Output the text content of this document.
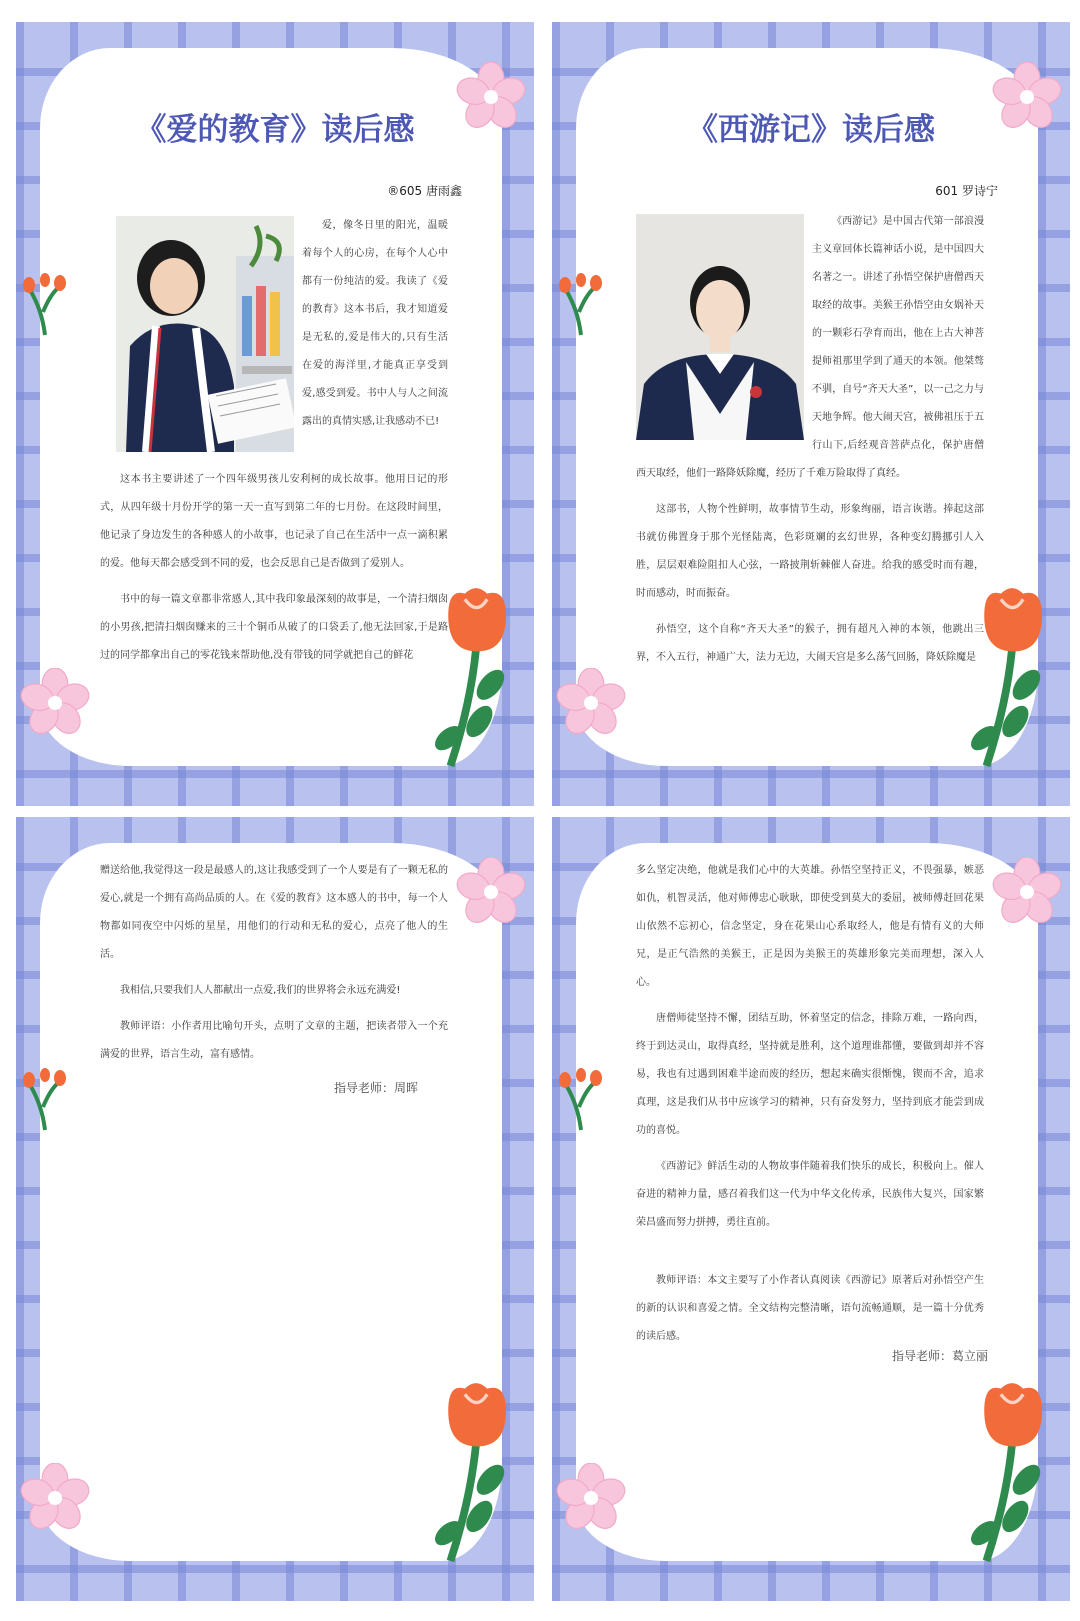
《爱的教育》读后感
®605 唐雨鑫

爱，像冬日里的阳光，温暖着每个人的心房，在每个人心中都有一份纯洁的爱。我读了《爱的教育》这本书后，我才知道爱是无私的,爱是伟大的,只有生活在爱的海洋里,才能真正享受到爱,感受到爱。书中人与人之间流露出的真情实感,让我感动不已!

这本书主要讲述了一个四年级男孩儿安利柯的成长故事。他用日记的形式，从四年级十月份开学的第一天一直写到第二年的七月份。在这段时间里，他记录了身边发生的各种感人的小故事，也记录了自己在生活中一点一滴积累的爱。他每天都会感受到不同的爱，也会反思自己是否做到了爱别人。

书中的每一篇文章都非常感人,其中我印象最深刻的故事是，一个清扫烟囱的小男孩,把清扫烟囱赚来的三十个铜币从破了的口袋丢了,他无法回家,于是路过的同学都拿出自己的零花钱来帮助他,没有带钱的同学就把自己的鲜花

《西游记》读后感
601 罗诗宁

《西游记》是中国古代第一部浪漫主义章回体长篇神话小说，是中国四大名著之一。讲述了孙悟空保护唐僧西天取经的故事。美猴王孙悟空由女娲补天的一颗彩石孕育而出，他在上古大神菩提师祖那里学到了通天的本领。他桀骜不驯，自号“齐天大圣”，以一己之力与天地争辉。他大闹天宫，被佛祖压于五行山下,后经观音菩萨点化，保护唐僧西天取经，他们一路降妖除魔，经历了千难万险取得了真经。

这部书，人物个性鲜明，故事情节生动，形象绚丽，语言诙谐。捧起这部书就仿佛置身于那个光怪陆离，色彩斑斓的玄幻世界，各种变幻腾挪引人入胜，层层艰难险阻扣人心弦，一路披荆斩棘催人奋进。给我的感受时而有趣，时而感动，时而振奋。

孙悟空，这个自称“齐天大圣”的猴子，拥有超凡入神的本领，他跳出三界，不入五行，神通广大，法力无边，大闹天宫是多么荡气回肠，降妖除魔是

赠送给他,我觉得这一段是最感人的,这让我感受到了一个人要是有了一颗无私的爱心,就是一个拥有高尚品质的人。在《爱的教育》这本感人的书中，每一个人物都如同夜空中闪烁的星星，用他们的行动和无私的爱心，点亮了他人的生活。

我相信,只要我们人人都献出一点爱,我们的世界将会永远充满爱!

教师评语：小作者用比喻句开头，点明了文章的主题，把读者带入一个充满爱的世界，语言生动，富有感情。

指导老师：周晖

多么坚定决绝，他就是我们心中的大英雄。孙悟空坚持正义，不畏强暴，嫉恶如仇，机智灵活，他对师傅忠心耿耿，即使受到莫大的委屈，被师傅赶回花果山依然不忘初心，信念坚定，身在花果山心系取经人，他是有情有义的大师兄，是正气浩然的美猴王，正是因为美猴王的英雄形象完美而理想，深入人心。

唐僧师徒坚持不懈，团结互助，怀着坚定的信念，排除万难，一路向西，终于到达灵山，取得真经，坚持就是胜利，这个道理谁都懂，要做到却并不容易，我也有过遇到困难半途而废的经历，想起来确实很惭愧，锲而不舍，追求真理，这是我们从书中应该学习的精神，只有奋发努力，坚持到底才能尝到成功的喜悦。

《西游记》鲜活生动的人物故事伴随着我们快乐的成长，积极向上。催人奋进的精神力量，感召着我们这一代为中华文化传承，民族伟大复兴，国家繁荣昌盛而努力拼搏，勇往直前。

教师评语：本文主要写了小作者认真阅读《西游记》原著后对孙悟空产生的新的认识和喜爱之情。全文结构完整清晰，语句流畅通顺，是一篇十分优秀的读后感。

指导老师：葛立丽
